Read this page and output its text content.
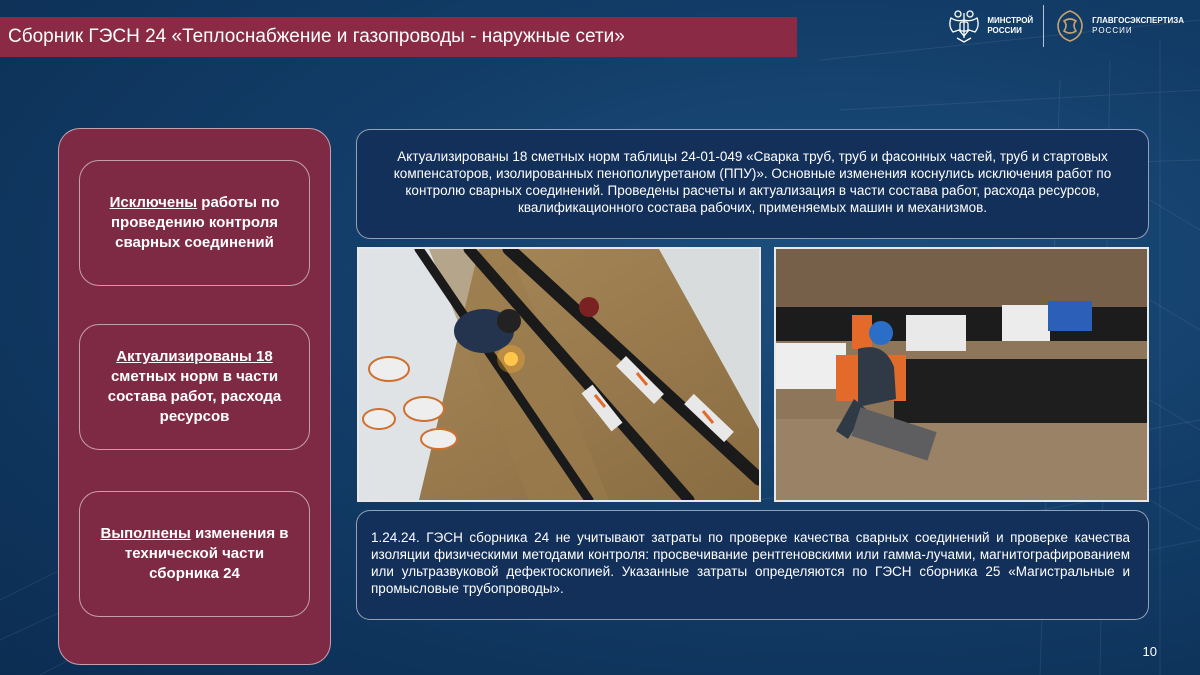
Сборник ГЭСН 24 «Теплоснабжение и газопроводы - наружные сети»
МИНСТРОЙ
РОССИИ
ГЛАВГОСЭКСПЕРТИЗА
РОССИИ
Исключены работы по проведению контроля сварных соединений
Актуализированы 18 сметных норм в части состава работ, расхода ресурсов
Выполнены изменения в технической части сборника 24
Актуализированы 18 сметных норм таблицы 24-01-049 «Сварка труб, труб и фасонных частей, труб и стартовых компенсаторов, изолированных пенополиуретаном (ППУ)». Основные изменения коснулись исключения работ по контролю сварных соединений. Проведены расчеты и актуализация в части состава работ, расхода ресурсов, квалификационного состава рабочих, применяемых машин и механизмов.
1.24.24. ГЭСН сборника 24 не учитывают затраты по проверке качества сварных соединений и проверке качества изоляции физическими методами контроля: просвечивание рентгеновскими или гамма-лучами, магнитографированием или ультразвуковой дефектоскопией. Указанные затраты определяются по ГЭСН сборника 25 «Магистральные и промысловые трубопроводы».
10
